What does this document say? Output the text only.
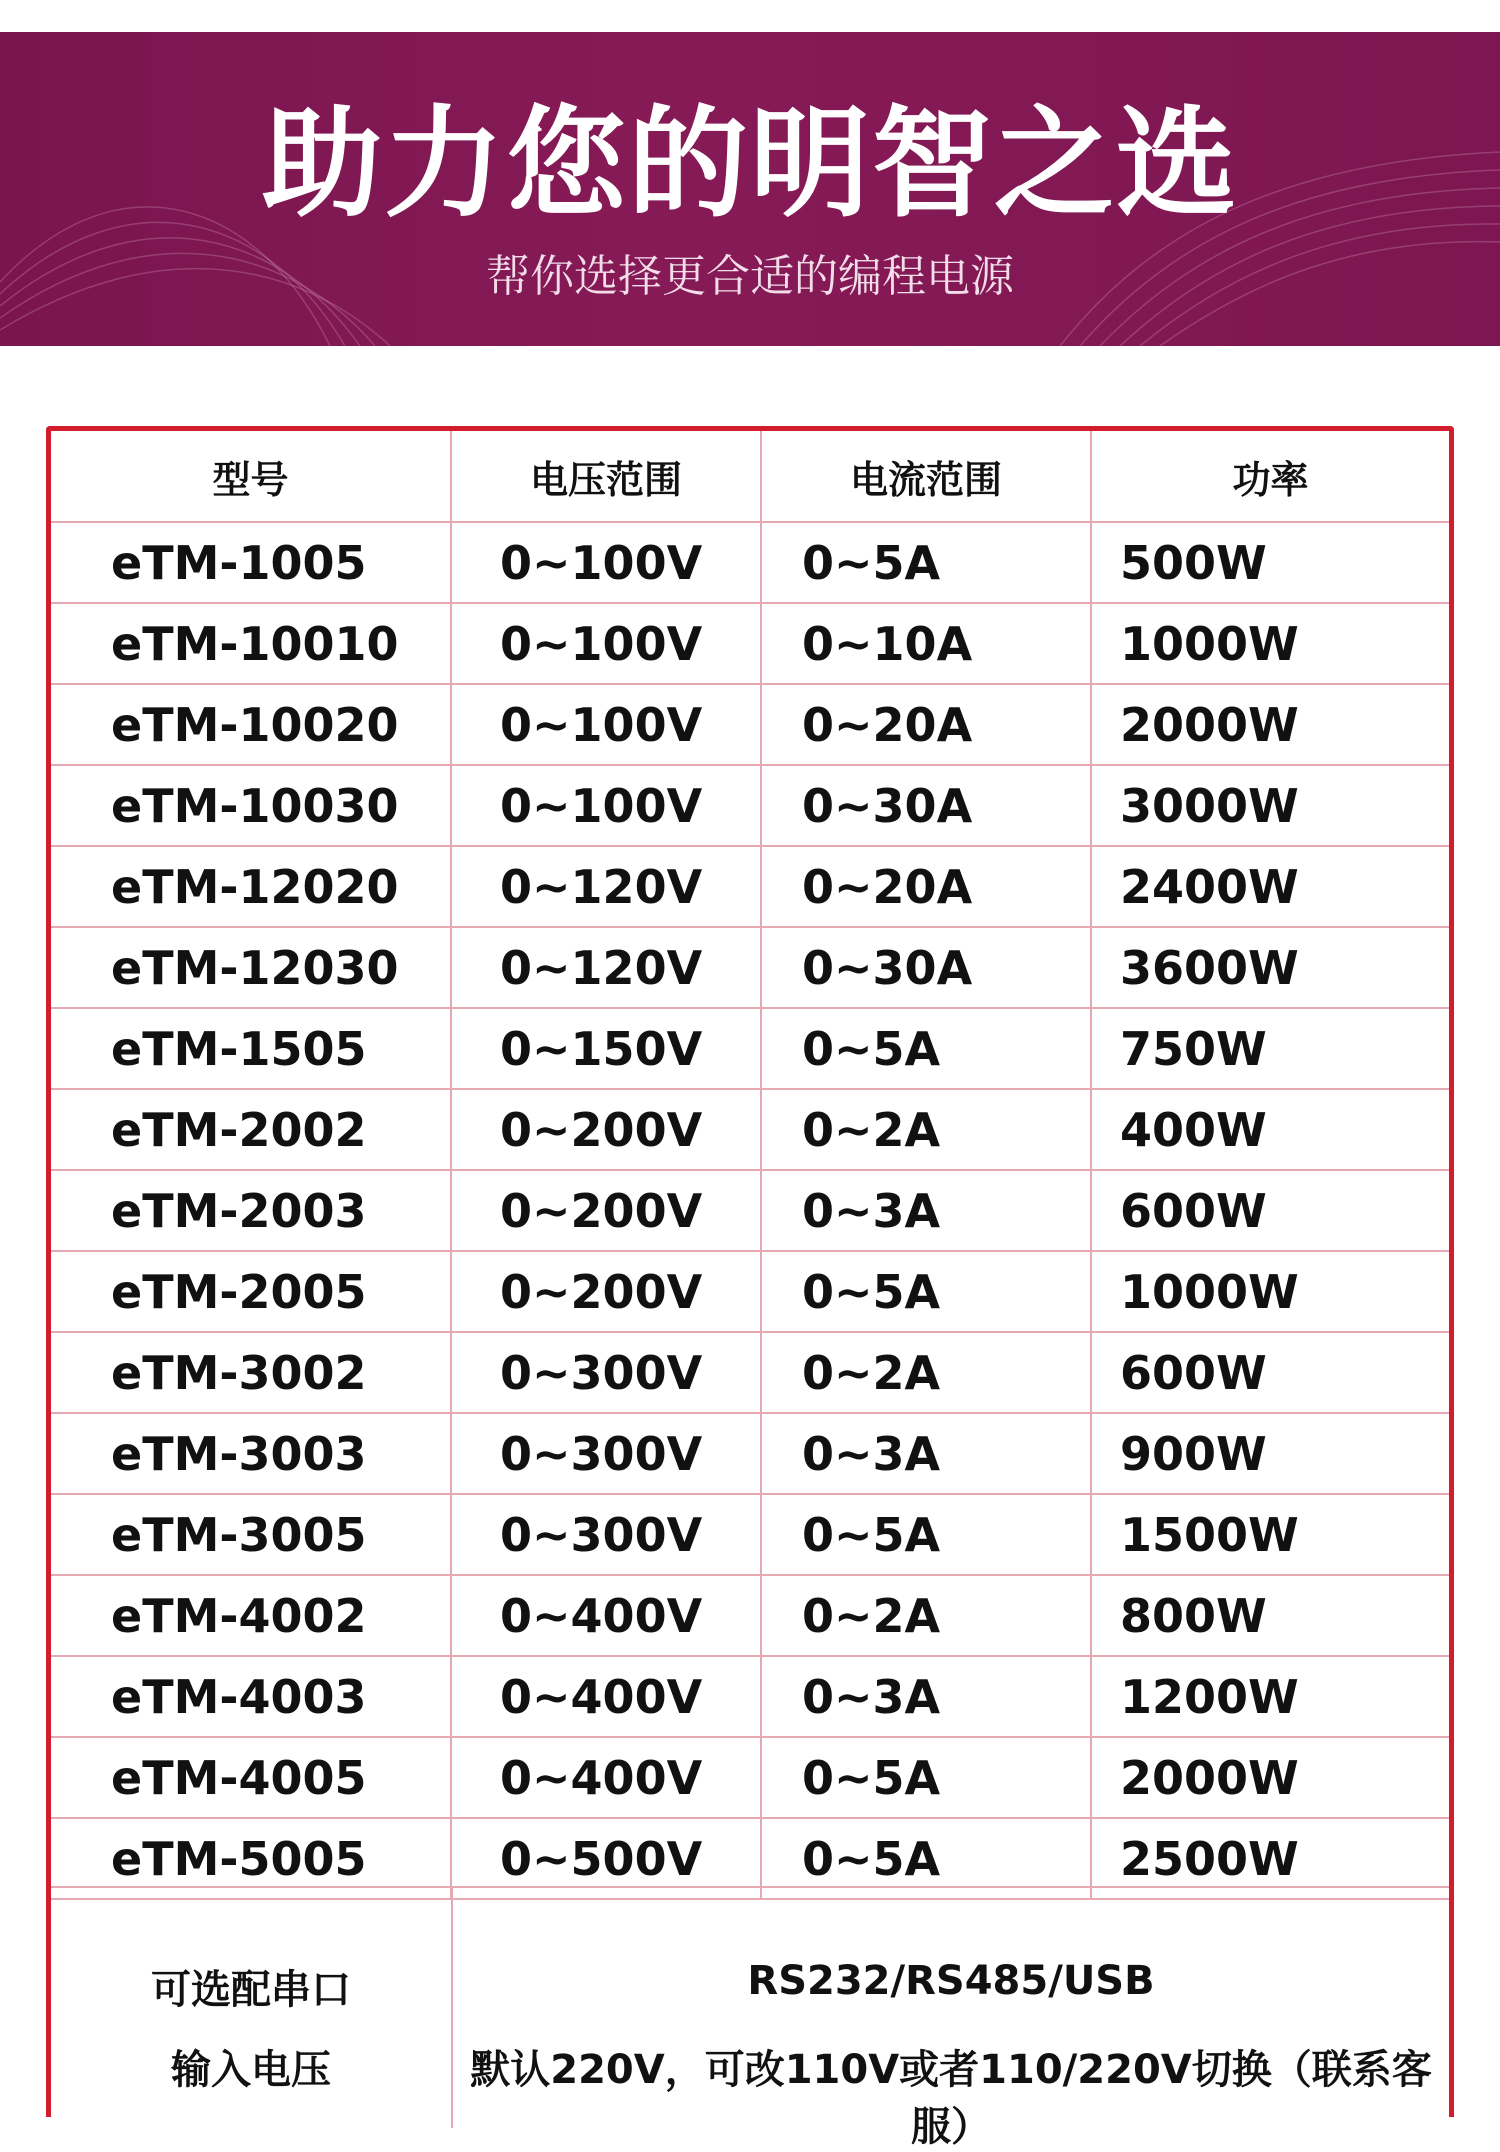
助力您的明智之选
帮你选择更合适的编程电源
型号	电压范围	电流范围	功率
eTM-1005	0~100V	0~5A	500W
eTM-10010	0~100V	0~10A	1000W
eTM-10020	0~100V	0~20A	2000W
eTM-10030	0~100V	0~30A	3000W
eTM-12020	0~120V	0~20A	2400W
eTM-12030	0~120V	0~30A	3600W
eTM-1505	0~150V	0~5A	750W
eTM-2002	0~200V	0~2A	400W
eTM-2003	0~200V	0~3A	600W
eTM-2005	0~200V	0~5A	1000W
eTM-3002	0~300V	0~2A	600W
eTM-3003	0~300V	0~3A	900W
eTM-3005	0~300V	0~5A	1500W
eTM-4002	0~400V	0~2A	800W
eTM-4003	0~400V	0~3A	1200W
eTM-4005	0~400V	0~5A	2000W
eTM-5005	0~500V	0~5A	2500W
可选配串口	RS232/RS485/USB
输入电压	默认220V，可改110V或者110/220V切换（联系客服）
